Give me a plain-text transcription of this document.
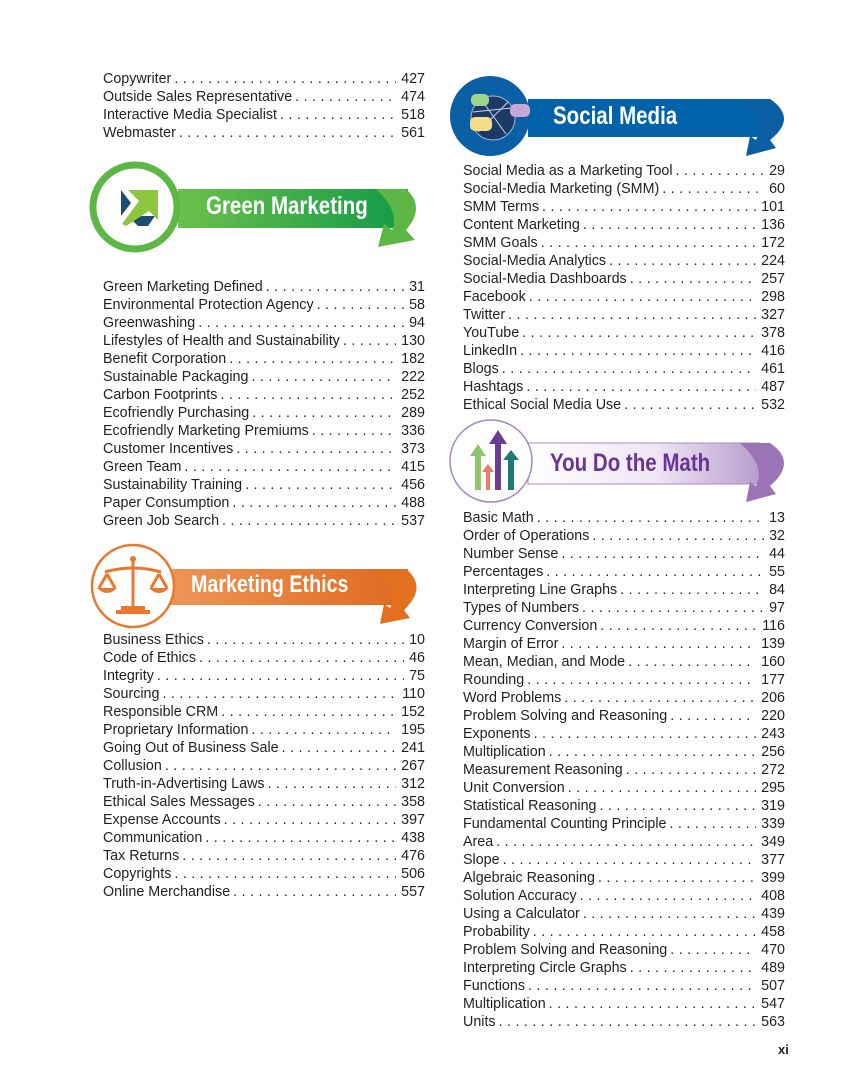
Copywriter . . .	427
Outside Sales Representative . . .	474
Interactive Media Specialist . . .	518
Webmaster . . .	561
Green Marketing Defined . . .	31
Environmental Protection Agency . . .	58
Greenwashing . . .	94
Lifestyles of Health and Sustainability . . .	130
Benefit Corporation . . .	182
Sustainable Packaging . . .	222
Carbon Footprints . . .	252
Ecofriendly Purchasing . . .	289
Ecofriendly Marketing Premiums . . .	336
Customer Incentives . . .	373
Green Team . . .	415
Sustainability Training . . .	456
Paper Consumption . . .	488
Green Job Search . . .	537
Business Ethics . . .	10
Code of Ethics . . .	46
Integrity . . .	75
Sourcing . . .	110
Responsible CRM . . .	152
Proprietary Information . . .	195
Going Out of Business Sale . . .	241
Collusion . . .	267
Truth-in-Advertising Laws . . .	312
Ethical Sales Messages . . .	358
Expense Accounts . . .	397
Communication . . .	438
Tax Returns . . .	476
Copyrights . . .	506
Online Merchandise . . .	557
Social Media as a Marketing Tool . . .	29
Social-Media Marketing (SMM) . . .	60
SMM Terms . . .	101
Content Marketing . . .	136
SMM Goals . . .	172
Social-Media Analytics . . .	224
Social-Media Dashboards . . .	257
Facebook . . .	298
Twitter . . .	327
YouTube . . .	378
LinkedIn . . .	416
Blogs . . .	461
Hashtags . . .	487
Ethical Social Media Use . . .	532
Basic Math . . .	13
Order of Operations . . .	32
Number Sense . . .	44
Percentages . . .	55
Interpreting Line Graphs . . .	84
Types of Numbers . . .	97
Currency Conversion . . .	116
Margin of Error . . .	139
Mean, Median, and Mode . . .	160
Rounding . . .	177
Word Problems . . .	206
Problem Solving and Reasoning . . .	220
Exponents . . .	243
Multiplication . . .	256
Measurement Reasoning . . .	272
Unit Conversion . . .	295
Statistical Reasoning . . .	319
Fundamental Counting Principle . . .	339
Area . . .	349
Slope . . .	377
Algebraic Reasoning . . .	399
Solution Accuracy . . .	408
Using a Calculator . . .	439
Probability . . .	458
Problem Solving and Reasoning . . .	470
Interpreting Circle Graphs . . .	489
Functions . . .	507
Multiplication . . .	547
Units . . .	563
Green Marketing
Marketing Ethics
Social Media
You Do the Math
xi
